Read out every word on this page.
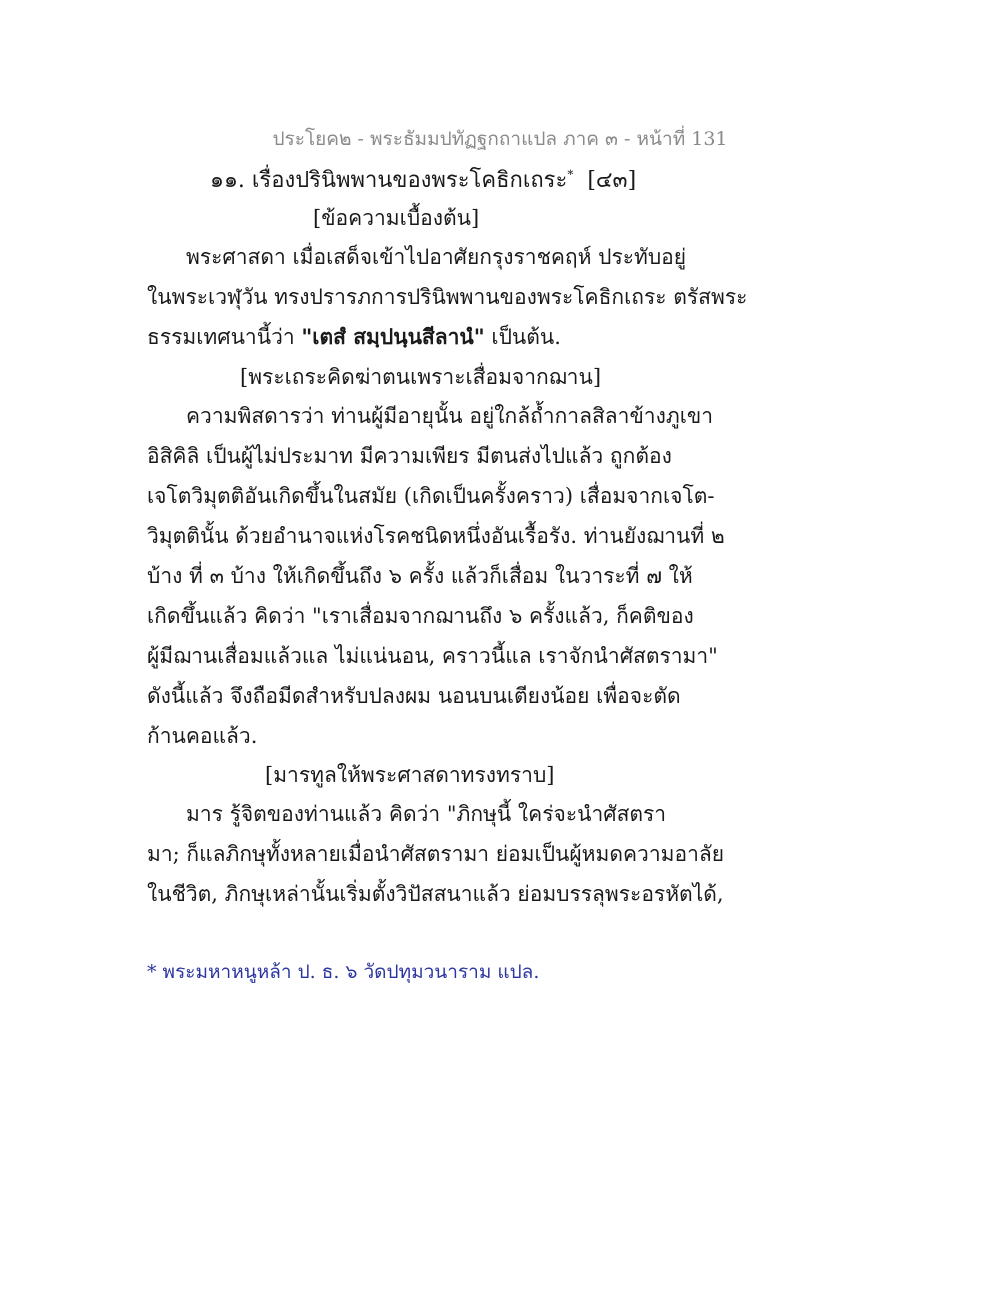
ประโยค๒ - พระธัมมปทัฏฐกถาแปล ภาค ๓ - หน้าที่ 131
๑๑. เรื่องปรินิพพานของพระโคธิกเถระ* [๔๓]
[ข้อความเบื้องต้น]
พระศาสดา เมื่อเสด็จเข้าไปอาศัยกรุงราชคฤห์ ประทับอยู่
ในพระเวฬุวัน ทรงปรารภการปรินิพพานของพระโคธิกเถระ ตรัสพระ
ธรรมเทศนานี้ว่า "เตสํ สมฺปนฺนสีลานํ" เป็นต้น.
[พระเถระคิดฆ่าตนเพราะเสื่อมจากฌาน]
ความพิสดารว่า ท่านผู้มีอายุนั้น อยู่ใกล้ถ้ำกาลสิลาข้างภูเขา
อิสิคิลิ เป็นผู้ไม่ประมาท มีความเพียร มีตนส่งไปแล้ว ถูกต้อง
เจโตวิมุตติอันเกิดขึ้นในสมัย (เกิดเป็นครั้งคราว) เสื่อมจากเจโต-
วิมุตตินั้น ด้วยอำนาจแห่งโรคชนิดหนึ่งอันเรื้อรัง. ท่านยังฌานที่ ๒
บ้าง ที่ ๓ บ้าง ให้เกิดขึ้นถึง ๖ ครั้ง แล้วก็เสื่อม ในวาระที่ ๗ ให้
เกิดขึ้นแล้ว คิดว่า "เราเสื่อมจากฌานถึง ๖ ครั้งแล้ว, ก็คติของ
ผู้มีฌานเสื่อมแล้วแล ไม่แน่นอน, คราวนี้แล เราจักนำศัสตรามา"
ดังนี้แล้ว จึงถือมีดสำหรับปลงผม นอนบนเตียงน้อย เพื่อจะตัด
ก้านคอแล้ว.
[มารทูลให้พระศาสดาทรงทราบ]
มาร รู้จิตของท่านแล้ว คิดว่า "ภิกษุนี้ ใคร่จะนำศัสตรา
มา; ก็แลภิกษุทั้งหลายเมื่อนำศัสตรามา ย่อมเป็นผู้หมดความอาลัย
ในชีวิต, ภิกษุเหล่านั้นเริ่มตั้งวิปัสสนาแล้ว ย่อมบรรลุพระอรหัตได้,
* พระมหาหนูหล้า ป. ธ. ๖ วัดปทุมวนาราม แปล.
